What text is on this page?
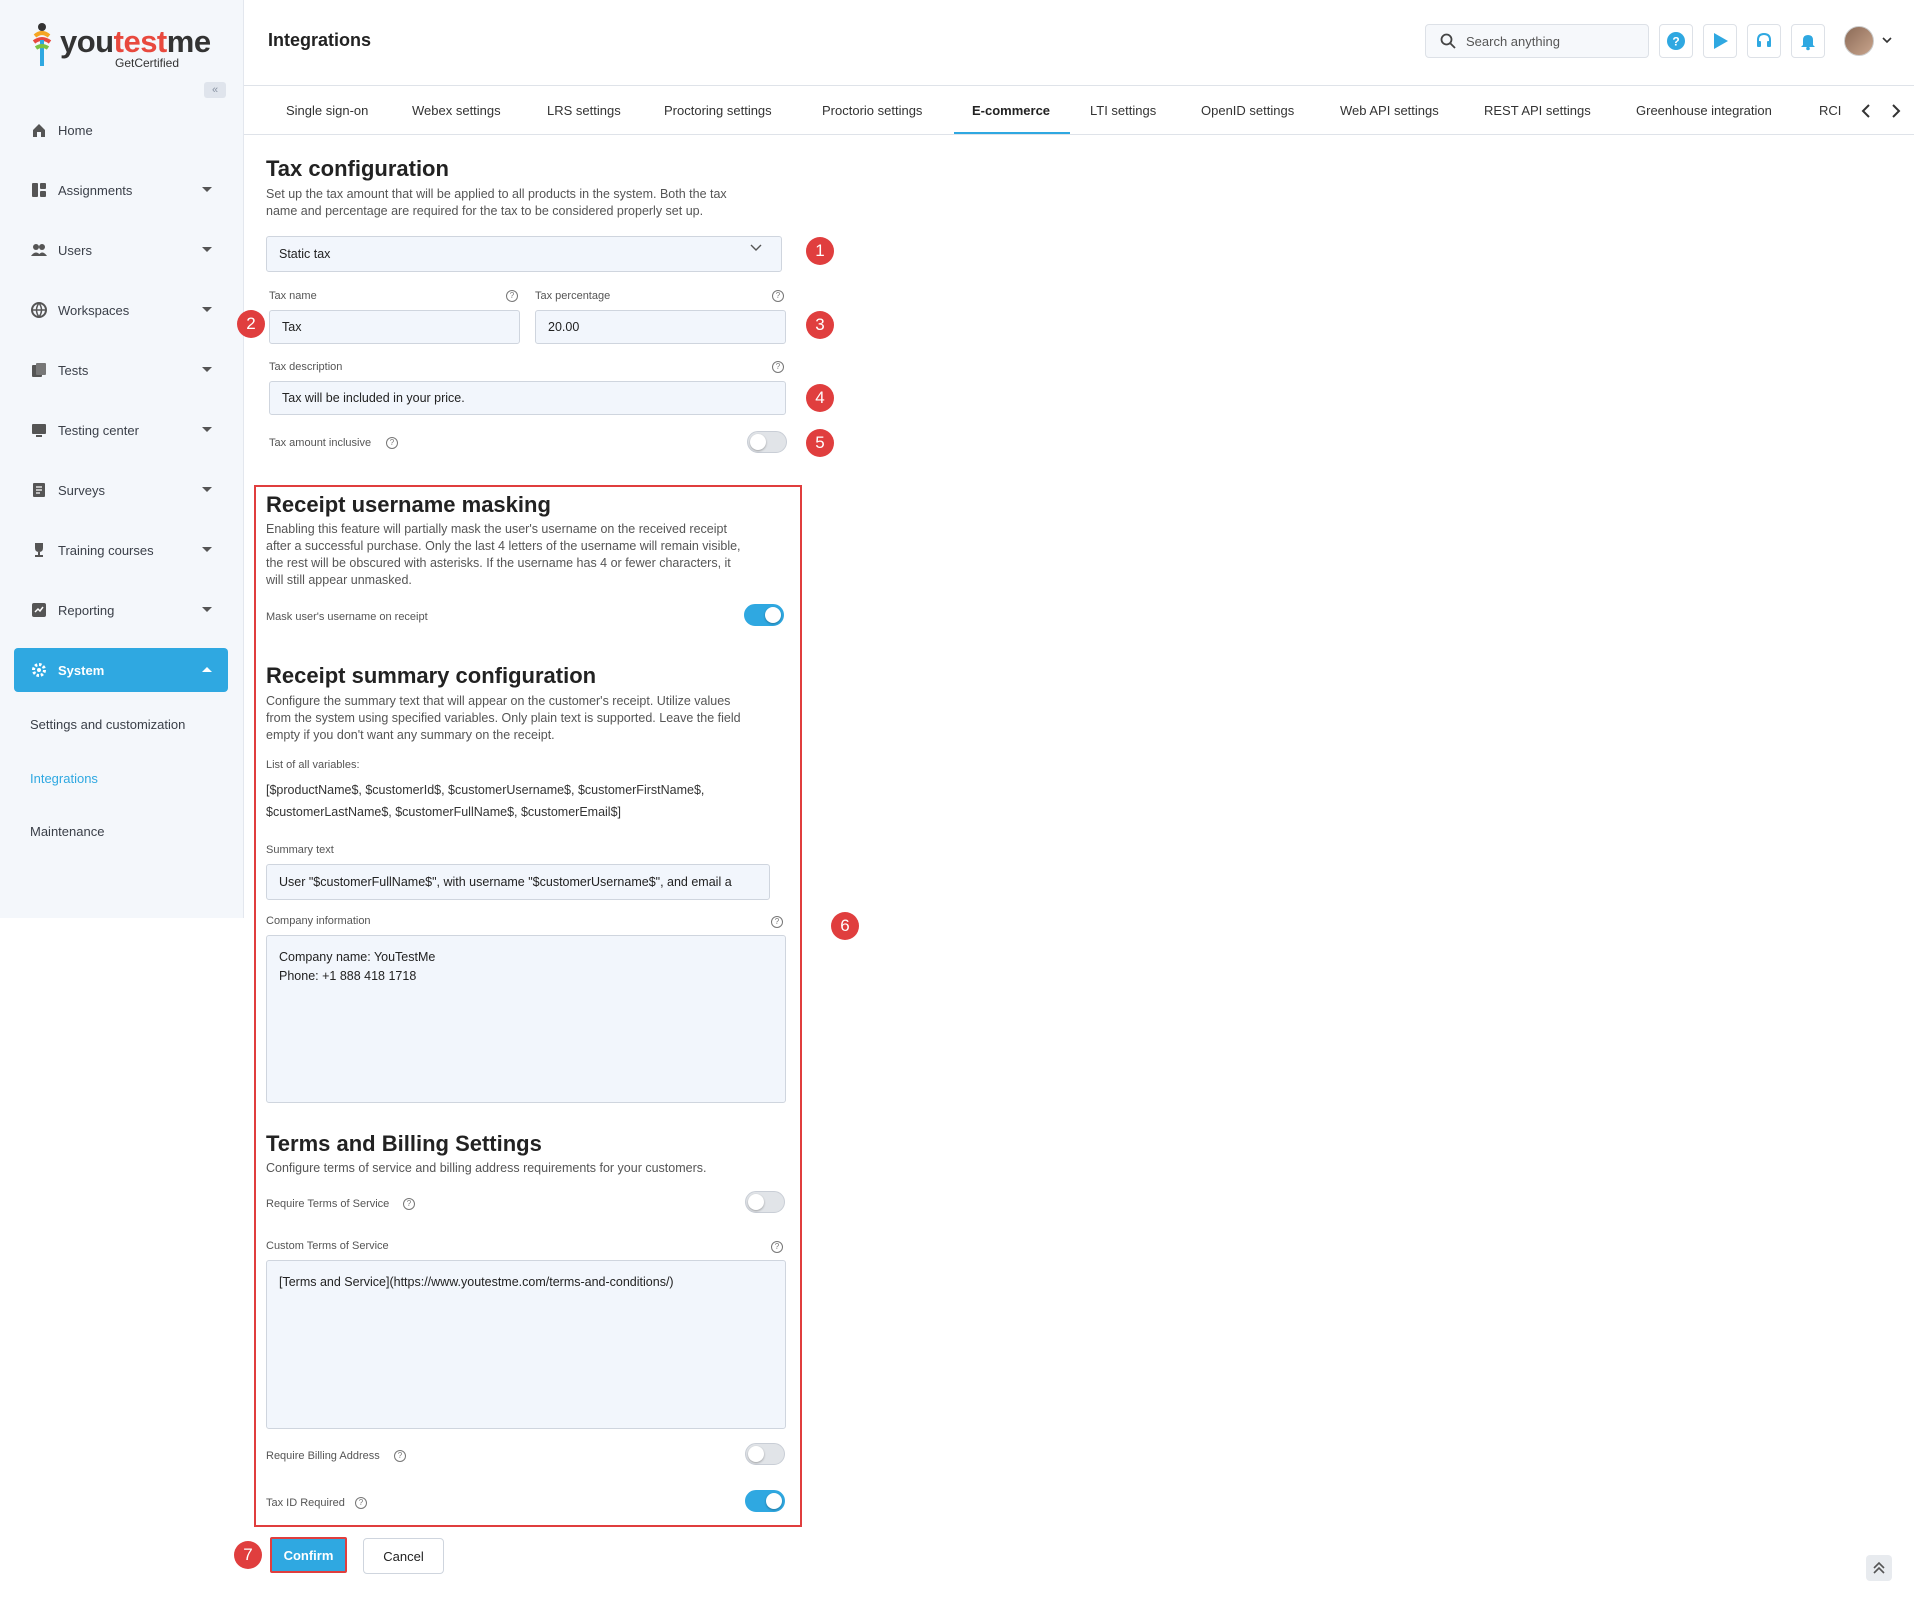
youtestme
GetCertified
«
Home
Assignments
Users
Workspaces
Tests
Testing center
Surveys
Training courses
Reporting
System
Settings and customization
Integrations
Maintenance
Integrations	Search anything	?
Single sign-on	Webex settings	LRS settings	Proctoring settings	Proctorio settings	E-commerce	LTI settings	OpenID settings	Web API settings	REST API settings	Greenhouse integration	RCI
Tax configuration
Set up the tax amount that will be applied to all products in the system. Both the tax
name and percentage are required for the tax to be considered properly set up.
Static tax	1
Tax name	?
Tax
2
Tax percentage	?
20.00	3
Tax description	?
Tax will be included in your price.	4
Tax amount inclusive	?	5
6
Receipt username masking
Enabling this feature will partially mask the user's username on the received receipt
after a successful purchase. Only the last 4 letters of the username will remain visible,
the rest will be obscured with asterisks. If the username has 4 or fewer characters, it
will still appear unmasked.
Mask user's username on receipt
Receipt summary configuration
Configure the summary text that will appear on the customer's receipt. Utilize values
from the system using specified variables. Only plain text is supported. Leave the field
empty if you don't want any summary on the receipt.
List of all variables:
[$productName$, $customerId$, $customerUsername$, $customerFirstName$,
$customerLastName$, $customerFullName$, $customerEmail$]
Summary text
User "$customerFullName$", with username "$customerUsername$", and email a
Company information	?
Company name: YouTestMe
Phone: +1 888 418 1718
Terms and Billing Settings
Configure terms of service and billing address requirements for your customers.
Require Terms of Service	?
Custom Terms of Service	?
[Terms and Service](https://www.youtestme.com/terms-and-conditions/)
Require Billing Address	?
Tax ID Required	?
7	Confirm	Cancel
